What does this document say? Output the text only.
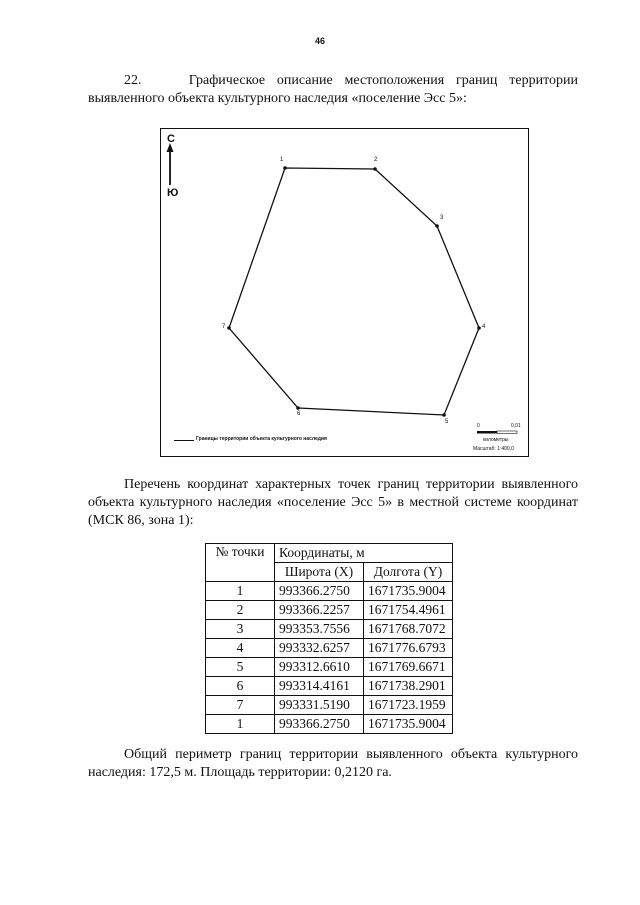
46

22.    Графическое описание местоположения границ территории выявленного объекта культурного наследия «поселение Эсс 5»:

С
Ю
1	2
3
4
5
6
7
Границы территории объекта культурного наследия
0	0,01
километры
Масштаб: 1:400,0

Перечень координат характерных точек границ территории выявленного объекта культурного наследия «поселение Эсс 5» в местной системе координат (МСК 86, зона 1):

№ точки	Координаты, м	
	Широта (X)	Долгота (Y)
1	993366.2750	1671735.9004
2	993366.2257	1671754.4961
3	993353.7556	1671768.7072
4	993332.6257	1671776.6793
5	993312.6610	1671769.6671
6	993314.4161	1671738.2901
7	993331.5190	1671723.1959
1	993366.2750	1671735.9004

Общий периметр границ территории выявленного объекта культурного наследия: 172,5 м. Площадь территории: 0,2120 га.
